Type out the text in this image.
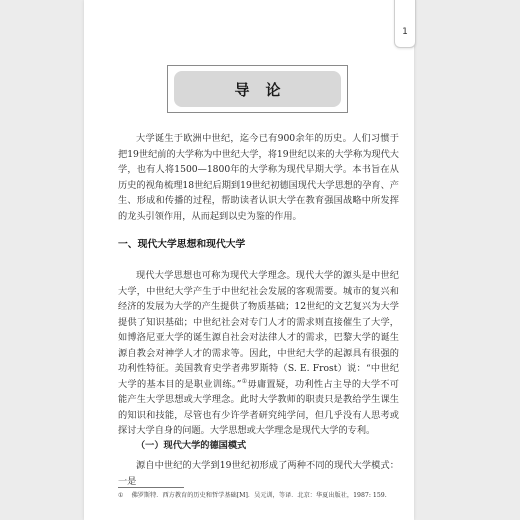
1
导论

大学诞生于欧洲中世纪，迄今已有900余年的历史。人们习惯于把19世纪前的大学称为中世纪大学，将19世纪以来的大学称为现代大学，也有人将1500—1800年的大学称为现代早期大学。本书旨在从历史的视角梳理18世纪后期到19世纪初德国现代大学思想的孕育、产生、形成和传播的过程，帮助读者认识大学在教育强国战略中所发挥的龙头引领作用，从而起到以史为鉴的作用。

一、现代大学思想和现代大学

现代大学思想也可称为现代大学理念。现代大学的源头是中世纪大学，中世纪大学产生于中世纪社会发展的客观需要。城市的复兴和经济的发展为大学的产生提供了物质基础；12世纪的文艺复兴为大学提供了知识基础；中世纪社会对专门人才的需求则直接催生了大学，如博洛尼亚大学的诞生源自社会对法律人才的需求，巴黎大学的诞生源自教会对神学人才的需求等。因此，中世纪大学的起源具有很强的功利性特征。美国教育史学者弗罗斯特（S. E. Frost）说：“中世纪大学的基本目的是职业训练。”①毋庸置疑，功利性占主导的大学不可能产生大学思想或大学理念。此时大学教师的职责只是教给学生课生的知识和技能，尽管也有少许学者研究纯学问，但几乎没有人思考或探讨大学自身的问题。大学思想或大学理念是现代大学的专利。

（一）现代大学的德国模式

源自中世纪的大学到19世纪初形成了两种不同的现代大学模式：一是

① 佛罗斯特．西方教育的历史和哲学基础[M]．吴元训，等译．北京：华夏出版社，1987: 159.
